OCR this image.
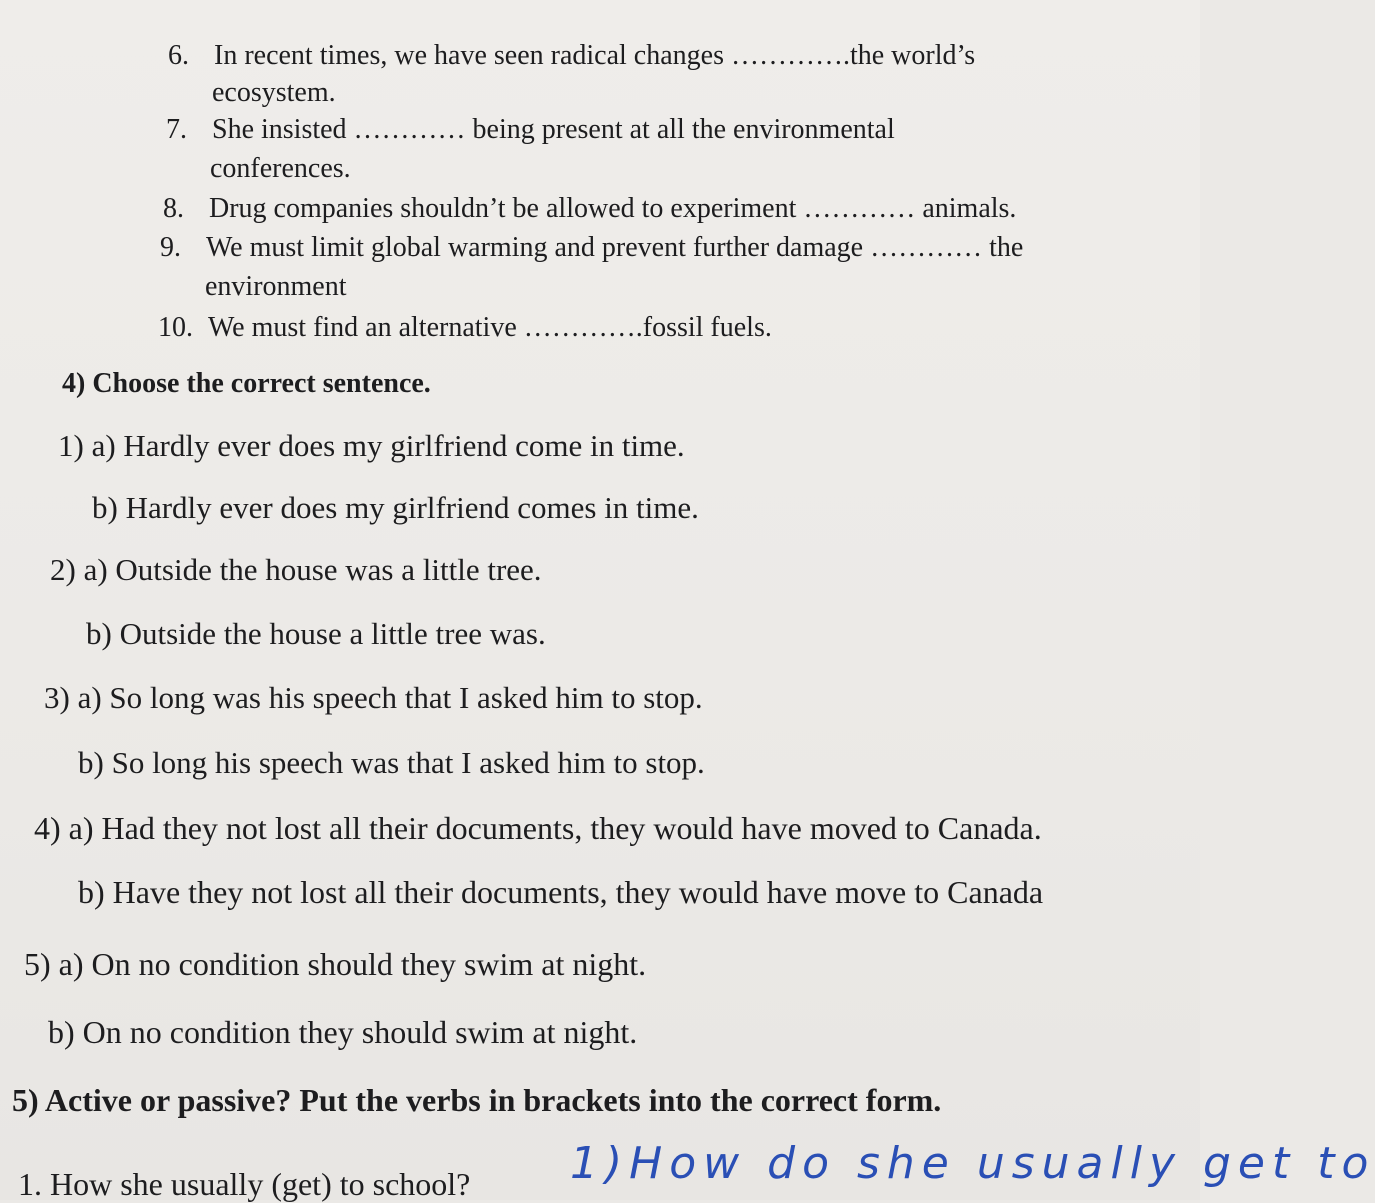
6. In recent times, we have seen radical changes ………….the world’s
ecosystem.
7. She insisted ………… being present at all the environmental
conferences.
8. Drug companies shouldn’t be allowed to experiment ………… animals.
9. We must limit global warming and prevent further damage ………… the
environment
10. We must find an alternative ………….fossil fuels.
4) Choose the correct sentence.
1) a) Hardly ever does my girlfriend come in time.
b) Hardly ever does my girlfriend comes in time.
2) a) Outside the house was a little tree.
b) Outside the house a little tree was.
3) a) So long was his speech that I asked him to stop.
b) So long his speech was that I asked him to stop.
4) a) Had they not lost all their documents, they would have moved to Canada.
b) Have they not lost all their documents, they would have move to Canada
5) a) On no condition should they swim at night.
b) On no condition they should swim at night.
5) Active or passive? Put the verbs in brackets into the correct form.
1. How she usually (get) to school? 1)How do she usually get to
